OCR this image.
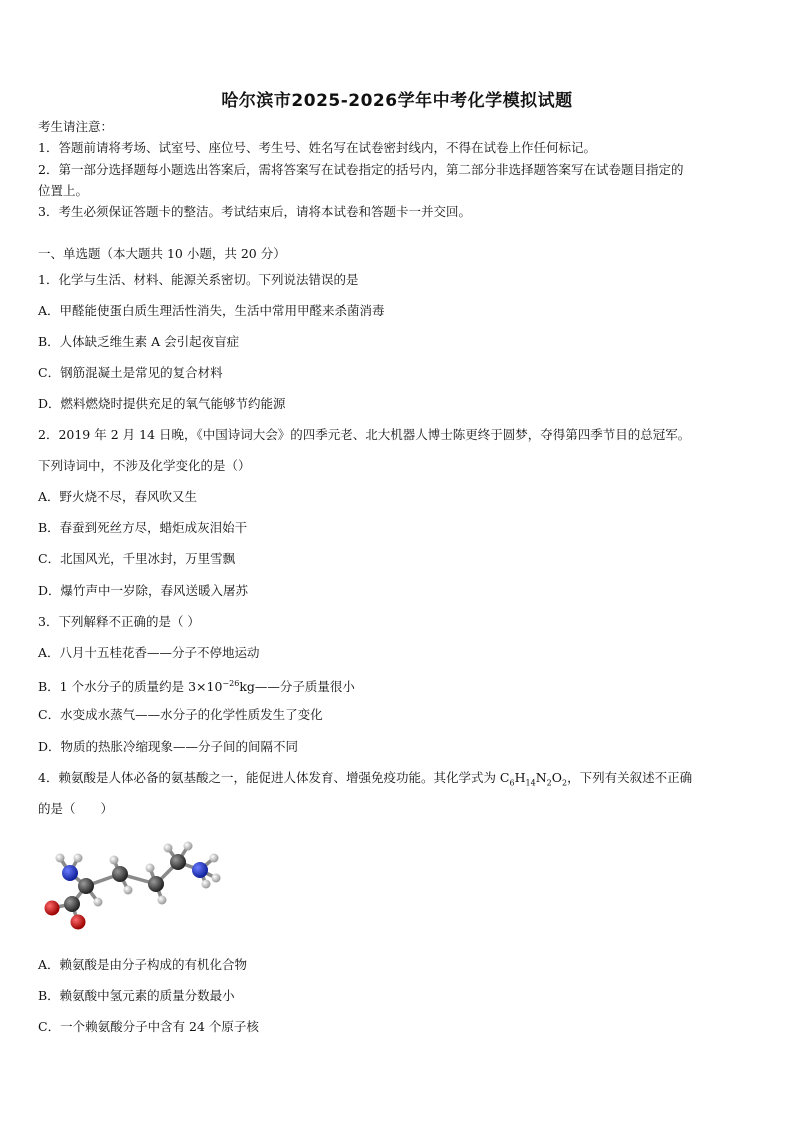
哈尔滨市2025-2026学年中考化学模拟试题
考生请注意：
1．答题前请将考场、试室号、座位号、考生号、姓名写在试卷密封线内，不得在试卷上作任何标记。
2．第一部分选择题每小题选出答案后，需将答案写在试卷指定的括号内，第二部分非选择题答案写在试卷题目指定的
位置上。
3．考生必须保证答题卡的整洁。考试结束后，请将本试卷和答题卡一并交回。
一、单选题（本大题共 10 小题，共 20 分）
1．化学与生活、材料、能源关系密切。下列说法错误的是
A．甲醛能使蛋白质生理活性消失，生活中常用甲醛来杀菌消毒
B．人体缺乏维生素 A 会引起夜盲症
C．钢筋混凝土是常见的复合材料
D．燃料燃烧时提供充足的氧气能够节约能源
2．2019 年 2 月 14 日晚，《中国诗词大会》的四季元老、北大机器人博士陈更终于圆梦，夺得第四季节目的总冠军。
下列诗词中，不涉及化学变化的是（）
A．野火烧不尽，春风吹又生
B．春蚕到死丝方尽，蜡炬成灰泪始干
C．北国风光，千里冰封，万里雪飘
D．爆竹声中一岁除，春风送暖入屠苏
3．下列解释不正确的是（ ）
A．八月十五桂花香——分子不停地运动
B．1 个水分子的质量约是 $3\times 10^{-26}kg——$分子质量很小
C．水变成水蒸气——水分子的化学性质发生了变化
D．物质的热胀冷缩现象——分子间的间隔不同
4．赖氨酸是人体必备的氨基酸之一，能促进人体发育、增强免疫功能。其化学式为 $C_6H_{14}N_2O_2$，下列有关叙述不正确
的是（　　）
A．赖氨酸是由分子构成的有机化合物
B．赖氨酸中氢元素的质量分数最小
C．一个赖氨酸分子中含有 24 个原子核
